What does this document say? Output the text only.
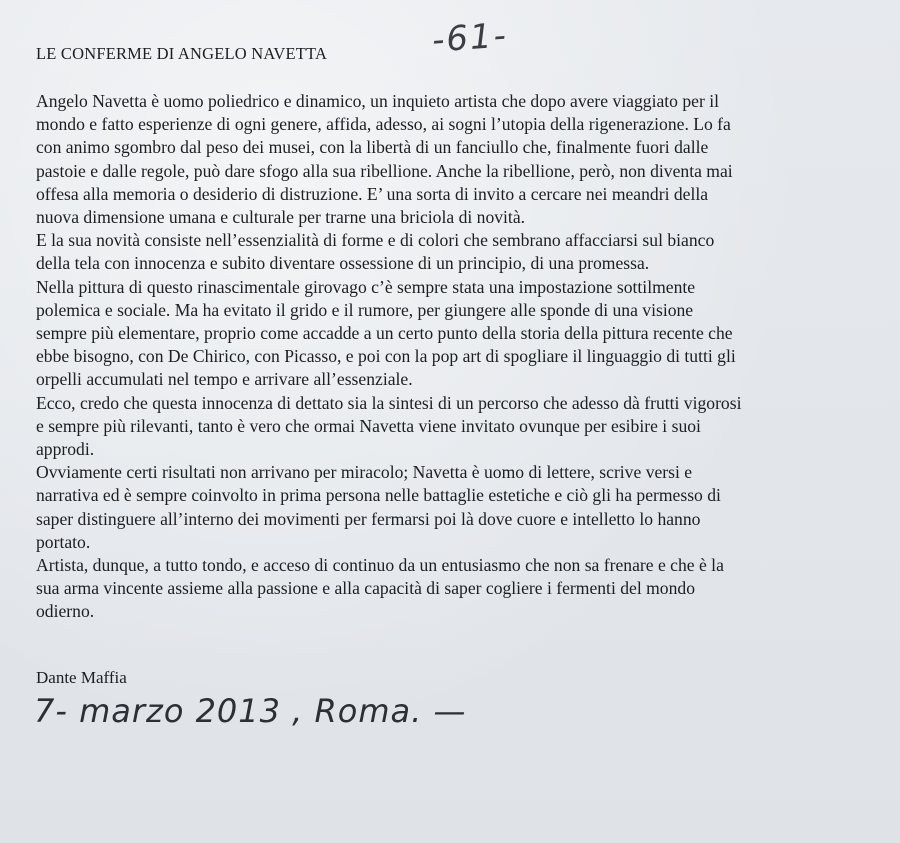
LE CONFERME DI ANGELO NAVETTA	-61-

Angelo Navetta è uomo poliedrico e dinamico, un inquieto artista che dopo avere viaggiato per il
mondo e fatto esperienze di ogni genere, affida, adesso, ai sogni l’utopia della rigenerazione. Lo fa
con animo sgombro dal peso dei musei, con la libertà di un fanciullo che, finalmente fuori dalle
pastoie e dalle regole, può dare sfogo alla sua ribellione. Anche la ribellione, però, non diventa mai
offesa alla memoria o desiderio di distruzione. E’ una sorta di invito a cercare nei meandri della
nuova dimensione umana e culturale per trarne una briciola di novità.

E la sua novità consiste nell’essenzialità di forme e di colori che sembrano affacciarsi sul bianco
della tela con innocenza e subito diventare ossessione di un principio, di una promessa.

Nella pittura di questo rinascimentale girovago c’è sempre stata una impostazione sottilmente
polemica e sociale. Ma ha evitato il grido e il rumore, per giungere alle sponde di una visione
sempre più elementare, proprio come accadde a un certo punto della storia della pittura recente che
ebbe bisogno, con De Chirico, con Picasso, e poi con la pop art di spogliare il linguaggio di tutti gli
orpelli accumulati nel tempo e arrivare all’essenziale.

Ecco, credo che questa innocenza di dettato sia la sintesi di un percorso che adesso dà frutti vigorosi
e sempre più rilevanti, tanto è vero che ormai Navetta viene invitato ovunque per esibire i suoi
approdi.

Ovviamente certi risultati non arrivano per miracolo; Navetta è uomo di lettere, scrive versi e
narrativa ed è sempre coinvolto in prima persona nelle battaglie estetiche e ciò gli ha permesso di
saper distinguere all’interno dei movimenti per fermarsi poi là dove cuore e intelletto lo hanno
portato.

Artista, dunque, a tutto tondo, e acceso di continuo da un entusiasmo che non sa frenare e che è la
sua arma vincente assieme alla passione e alla capacità di saper cogliere i fermenti del mondo
odierno.

Dante Maffia
7- marzo 2013 , Roma. —
